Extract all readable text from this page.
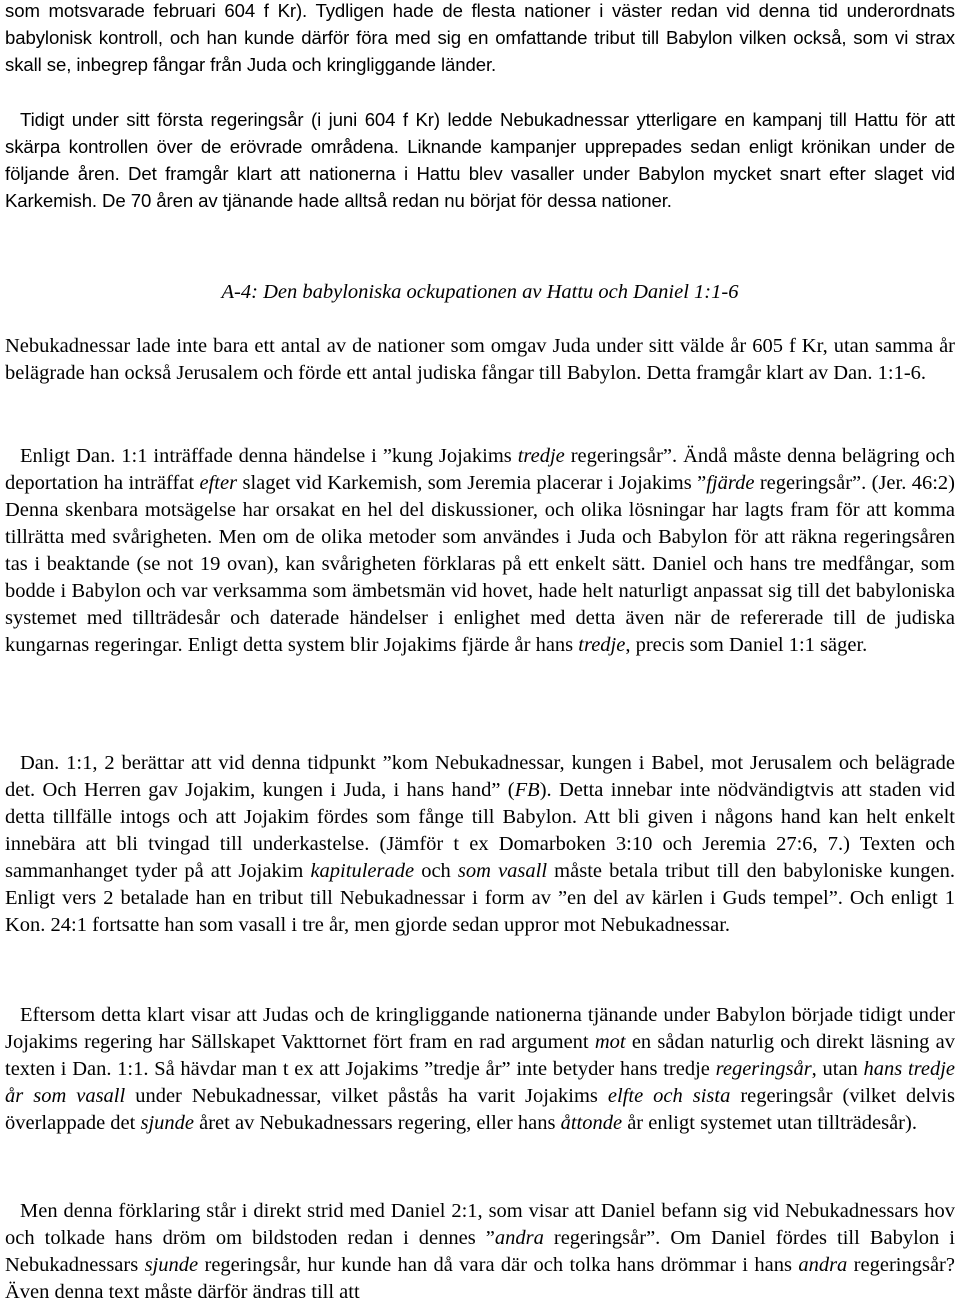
som motsvarade februari 604 f Kr). Tydligen hade de flesta nationer i väster redan vid denna tid underordnats babylonisk kontroll, och han kunde därför föra med sig en omfattande tribut till Babylon vilken också, som vi strax skall se, inbegrep fångar från Juda och kringliggande länder.

Tidigt under sitt första regeringsår (i juni 604 f Kr) ledde Nebukadnessar ytterligare en kampanj till Hattu för att skärpa kontrollen över de erövrade områdena. Liknande kampanjer upprepades sedan enligt krönikan under de följande åren. Det framgår klart att nationerna i Hattu blev vasaller under Babylon mycket snart efter slaget vid Karkemish. De 70 åren av tjänande hade alltså redan nu börjat för dessa nationer.

A-4: Den babyloniska ockupationen av Hattu och Daniel 1:1-6

Nebukadnessar lade inte bara ett antal av de nationer som omgav Juda under sitt välde år 605 f Kr, utan samma år belägrade han också Jerusalem och förde ett antal judiska fångar till Babylon. Detta framgår klart av Dan. 1:1-6.

Enligt Dan. 1:1 inträffade denna händelse i ”kung Jojakims tredje regeringsår”. Ändå måste denna belägring och deportation ha inträffat efter slaget vid Karkemish, som Jeremia placerar i Jojakims ”fjärde regeringsår”. (Jer. 46:2) Denna skenbara motsägelse har orsakat en hel del diskussioner, och olika lösningar har lagts fram för att komma tillrätta med svårigheten. Men om de olika metoder som användes i Juda och Babylon för att räkna regeringsåren tas i beaktande (se not 19 ovan), kan svårigheten förklaras på ett enkelt sätt. Daniel och hans tre medfångar, som bodde i Babylon och var verksamma som ämbetsmän vid hovet, hade helt naturligt anpassat sig till det babyloniska systemet med tillträdesår och daterade händelser i enlighet med detta även när de refererade till de judiska kungarnas regeringar. Enligt detta system blir Jojakims fjärde år hans tredje, precis som Daniel 1:1 säger.

Dan. 1:1, 2 berättar att vid denna tidpunkt ”kom Nebukadnessar, kungen i Babel, mot Jerusalem och belägrade det. Och Herren gav Jojakim, kungen i Juda, i hans hand” (FB). Detta innebar inte nödvändigtvis att staden vid detta tillfälle intogs och att Jojakim fördes som fånge till Babylon. Att bli given i någons hand kan helt enkelt innebära att bli tvingad till underkastelse. (Jämför t ex Domarboken 3:10 och Jeremia 27:6, 7.) Texten och sammanhanget tyder på att Jojakim kapitulerade och som vasall måste betala tribut till den babyloniske kungen. Enligt vers 2 betalade han en tribut till Nebukadnessar i form av ”en del av kärlen i Guds tempel”. Och enligt 1 Kon. 24:1 fortsatte han som vasall i tre år, men gjorde sedan uppror mot Nebukadnessar.

Eftersom detta klart visar att Judas och de kringliggande nationerna tjänande under Babylon började tidigt under Jojakims regering har Sällskapet Vakttornet fört fram en rad argument mot en sådan naturlig och direkt läsning av texten i Dan. 1:1. Så hävdar man t ex att Jojakims ”tredje år” inte betyder hans tredje regeringsår, utan hans tredje år som vasall under Nebukadnessar, vilket påstås ha varit Jojakims elfte och sista regeringsår (vilket delvis överlappade det sjunde året av Nebukadnessars regering, eller hans åttonde år enligt systemet utan tillträdesår).

Men denna förklaring står i direkt strid med Daniel 2:1, som visar att Daniel befann sig vid Nebukadnessars hov och tolkade hans dröm om bildstoden redan i dennes ”andra regeringsår”. Om Daniel fördes till Babylon i Nebukadnessars sjunde regeringsår, hur kunde han då vara där och tolka hans drömmar i hans andra regeringsår? Även denna text måste därför ändras till att
